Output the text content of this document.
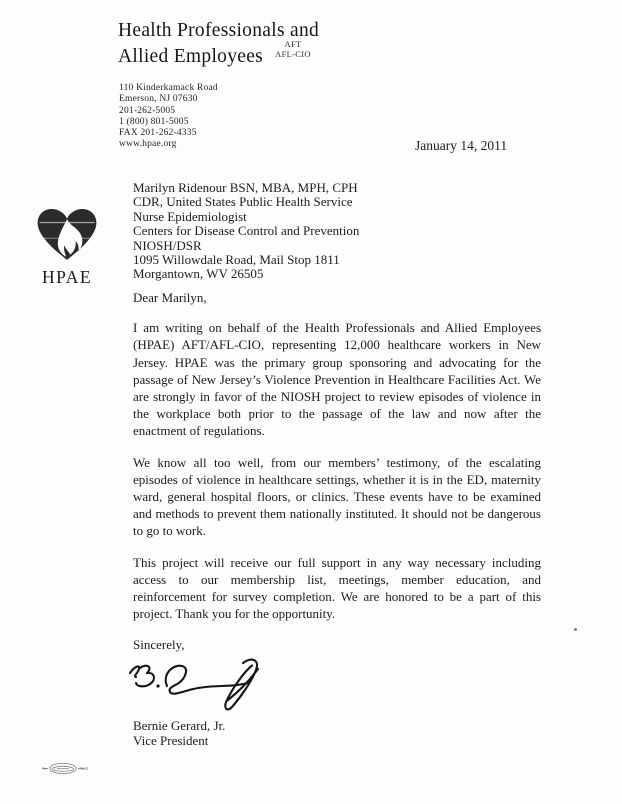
Health Professionals and
Allied Employees
AFT
AFL-CIO
110 Kinderkamack Road
Emerson, NJ 07630
201-262-5005
1 (800) 801-5005
FAX 201-262-4335
www.hpae.org	January 14, 2011
HPAE
Marilyn Ridenour BSN, MBA, MPH, CPH
CDR, United States Public Health Service
Nurse Epidemiologist
Centers for Disease Control and Prevention
NIOSH/DSR
1095 Willowdale Road, Mail Stop 1811
Morgantown, WV 26505

Dear Marilyn,

I am writing on behalf of the Health Professionals and Allied Employees (HPAE) AFT/AFL-CIO, representing 12,000 healthcare workers in New Jersey. HPAE was the primary group sponsoring and advocating for the passage of New Jersey’s Violence Prevention in Healthcare Facilities Act. We are strongly in favor of the NIOSH project to review episodes of violence in the workplace both prior to the passage of the law and now after the enactment of regulations.

We know all too well, from our members’ testimony, of the escalating episodes of violence in healthcare settings, whether it is in the ED, maternity ward, general hospital floors, or clinics. These events have to be examined and methods to prevent them nationally instituted. It should not be dangerous to go to work.

This project will receive our full support in any way necessary including access to our membership list, meetings, member education, and reinforcement for survey completion. We are honored to be a part of this project. Thank you for the opportunity.

Sincerely,

Bernie Gerard, Jr.
Vice President
